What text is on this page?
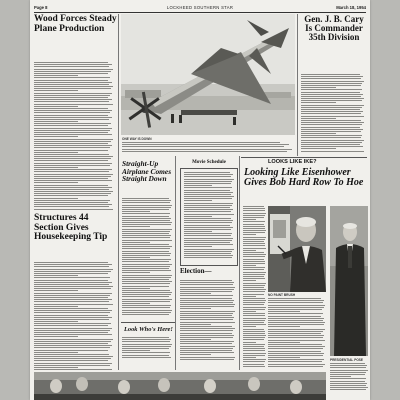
Page 8	LOCKHEED SOUTHERN STAR	March 18, 1954
Wood Forces Steady Plane Production
Structures 44 Section Gives Housekeeping Tip
ONE WAY IS DOWN
Straight-Up Airplane Comes Straight Down
Look Who's Here!
Movie Schedule
Election—
Gen. J. B. Cary Is Commander 35th Division
LOOKS LIKE IKE?
Looking Like Eisenhower Gives Bob Hard Row To Hoe
NO PAINT BRUSH
PRESIDENTIAL POSE
